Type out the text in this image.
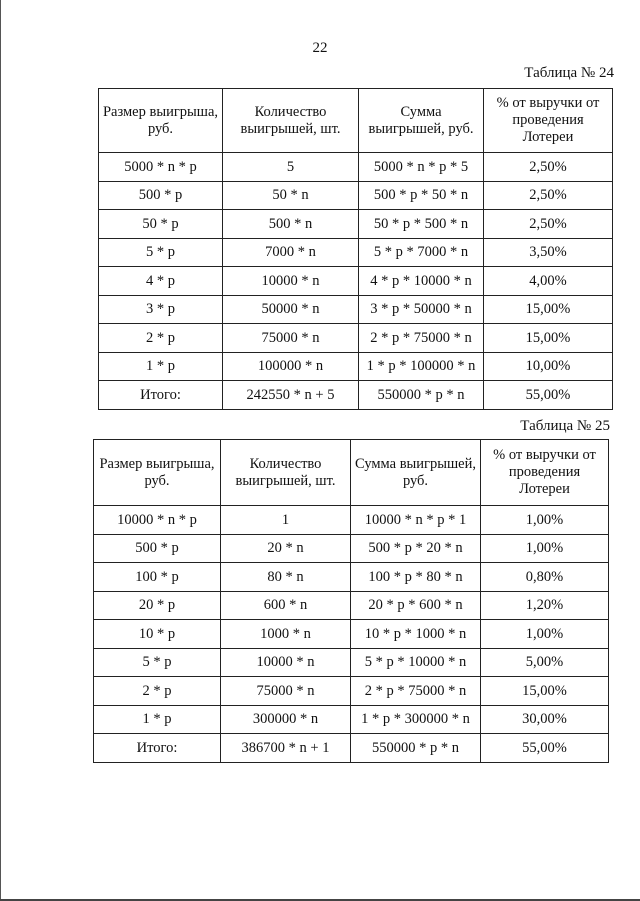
22
Таблица № 24
Размер выигрыша, руб.	Количество выигрышей, шт.	Сумма выигрышей, руб.	% от выручки от проведения Лотереи
5000 * n * p	5	5000 * n * p * 5	2,50%
500 * p	50 * n	500 * p * 50 * n	2,50%
50 * p	500 * n	50 * p * 500 * n	2,50%
5 * p	7000 * n	5 * p * 7000 * n	3,50%
4 * p	10000 * n	4 * p * 10000 * n	4,00%
3 * p	50000 * n	3 * p * 50000 * n	15,00%
2 * p	75000 * n	2 * p * 75000 * n	15,00%
1 * p	100000 * n	1 * p * 100000 * n	10,00%
Итого:	242550 * n + 5	550000 * p * n	55,00%
Таблица № 25
Размер выигрыша, руб.	Количество выигрышей, шт.	Сумма выигрышей, руб.	% от выручки от проведения Лотереи
10000 * n * p	1	10000 * n * p * 1	1,00%
500 * p	20 * n	500 * p * 20 * n	1,00%
100 * p	80 * n	100 * p * 80 * n	0,80%
20 * p	600 * n	20 * p * 600 * n	1,20%
10 * p	1000 * n	10 * p * 1000 * n	1,00%
5 * p	10000 * n	5 * p * 10000 * n	5,00%
2 * p	75000 * n	2 * p * 75000 * n	15,00%
1 * p	300000 * n	1 * p * 300000 * n	30,00%
Итого:	386700 * n + 1	550000 * p * n	55,00%
